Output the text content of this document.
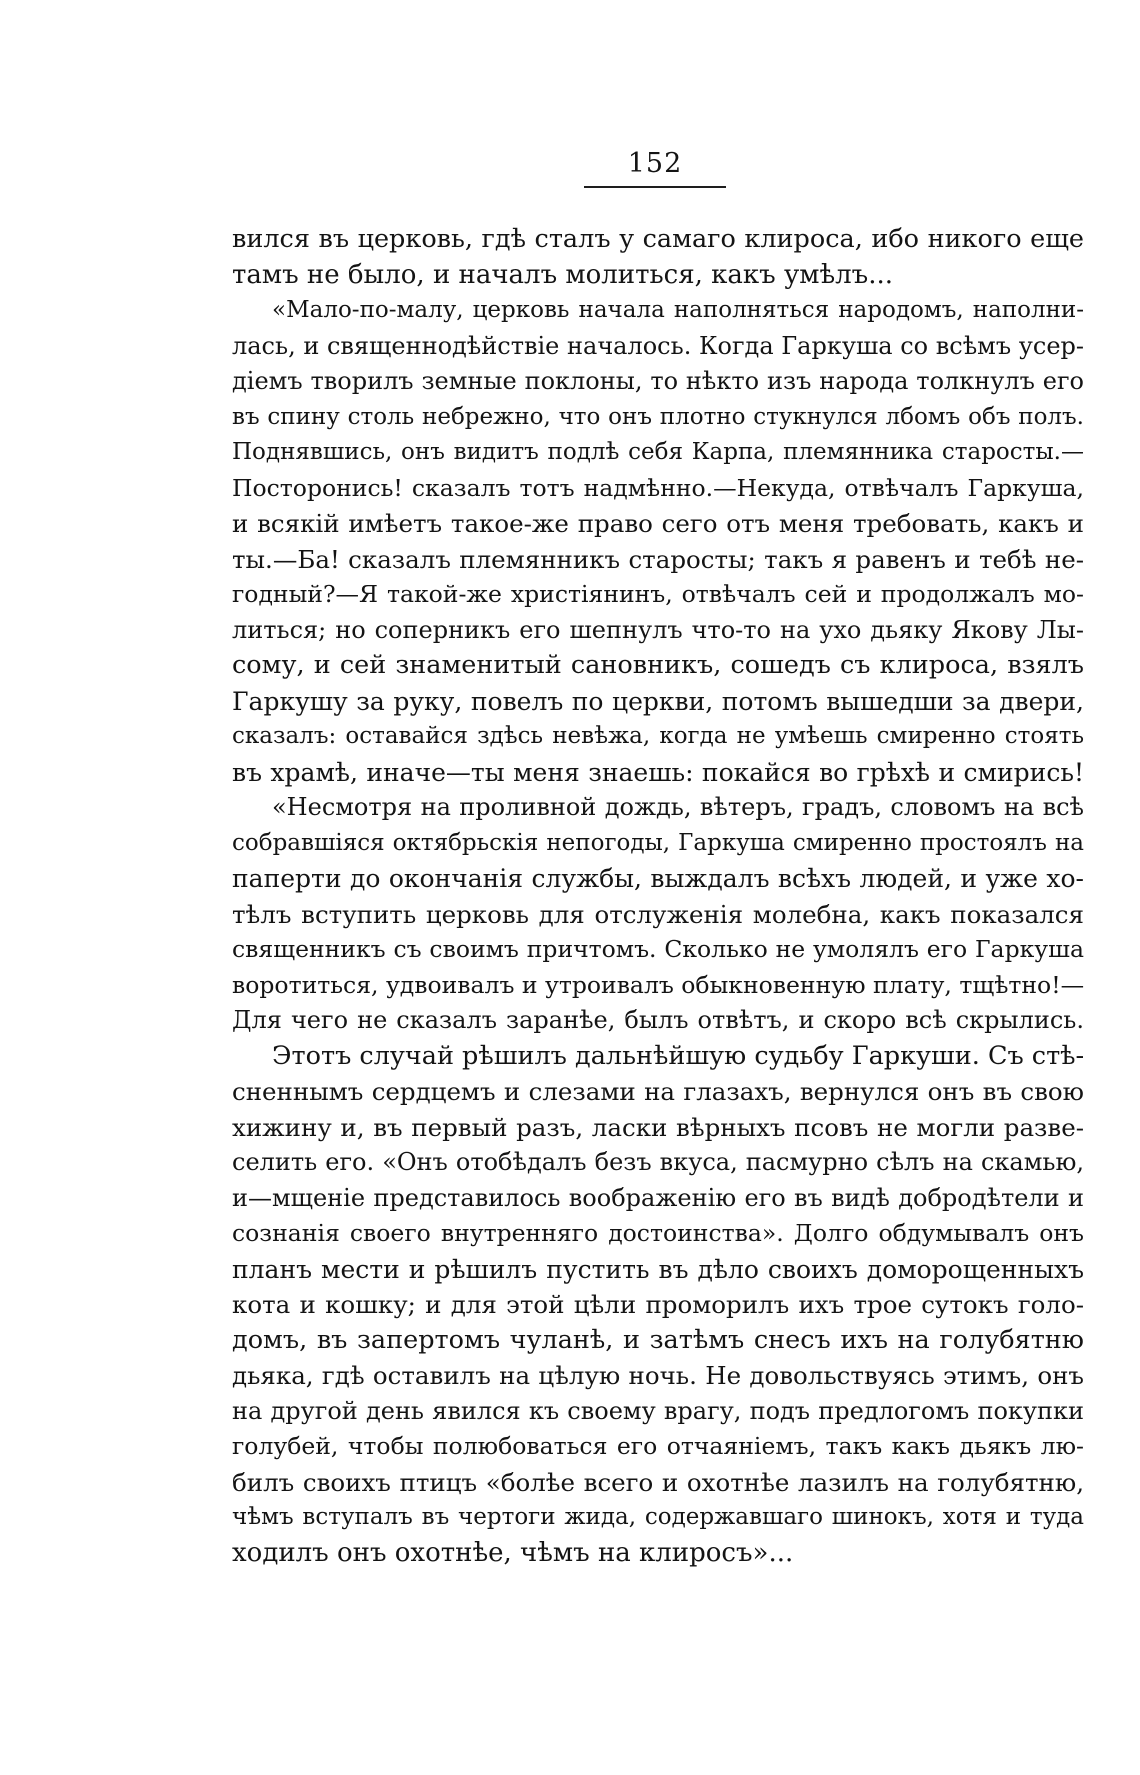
152
вился въ церковь, гдѣ сталъ у самаго клироса, ибо никого еще
тамъ не было, и началъ молиться, какъ умѣлъ...
«Мало-по-малу, церковь начала наполняться народомъ, наполни-
лась, и священнодѣйствіе началось. Когда Гаркуша со всѣмъ усер-
діемъ творилъ земные поклоны, то нѣкто изъ народа толкнулъ его
въ спину столь небрежно, что онъ плотно стукнулся лбомъ объ полъ.
Поднявшись, онъ видитъ подлѣ себя Карпа, племянника старосты.—
Посторонись! сказалъ тотъ надмѣнно.—Некуда, отвѣчалъ Гаркуша,
и всякій имѣетъ такое-же право сего отъ меня требовать, какъ и
ты.—Ба! сказалъ племянникъ старосты; такъ я равенъ и тебѣ не-
годный?—Я такой-же христіянинъ, отвѣчалъ сей и продолжалъ мо-
литься; но соперникъ его шепнулъ что-то на ухо дьяку Якову Лы-
сому, и сей знаменитый сановникъ, сошедъ съ клироса, взялъ
Гаркушу за руку, повелъ по церкви, потомъ вышедши за двери,
сказалъ: оставайся здѣсь невѣжа, когда не умѣешь смиренно стоять
въ храмѣ, иначе—ты меня знаешь: покайся во грѣхѣ и смирись!
«Несмотря на проливной дождь, вѣтеръ, градъ, словомъ на всѣ
собравшіяся октябрьскія непогоды, Гаркуша смиренно простоялъ на
паперти до окончанія службы, выждалъ всѣхъ людей, и уже хо-
тѣлъ вступить церковь для отслуженія молебна, какъ показался
священникъ съ своимъ причтомъ. Сколько не умолялъ его Гаркуша
воротиться, удвоивалъ и утроивалъ обыкновенную плату, тщѣтно!—
Для чего не сказалъ заранѣе, былъ отвѣтъ, и скоро всѣ скрылись.
Этотъ случай рѣшилъ дальнѣйшую судьбу Гаркуши. Съ стѣ-
сненнымъ сердцемъ и слезами на глазахъ, вернулся онъ въ свою
хижину и, въ первый разъ, ласки вѣрныхъ псовъ не могли разве-
селить его. «Онъ отобѣдалъ безъ вкуса, пасмурно сѣлъ на скамью,
и—мщеніе представилось воображенію его въ видѣ добродѣтели и
сознанія своего внутренняго достоинства». Долго обдумывалъ онъ
планъ мести и рѣшилъ пустить въ дѣло своихъ доморощенныхъ
кота и кошку; и для этой цѣли проморилъ ихъ трое сутокъ голо-
домъ, въ запертомъ чуланѣ, и затѣмъ снесъ ихъ на голубятню
дьяка, гдѣ оставилъ на цѣлую ночь. Не довольствуясь этимъ, онъ
на другой день явился къ своему врагу, подъ предлогомъ покупки
голубей, чтобы полюбоваться его отчаяніемъ, такъ какъ дьякъ лю-
билъ своихъ птицъ «болѣе всего и охотнѣе лазилъ на голубятню,
чѣмъ вступалъ въ чертоги жида, содержавшаго шинокъ, хотя и туда
ходилъ онъ охотнѣе, чѣмъ на клиросъ»...
